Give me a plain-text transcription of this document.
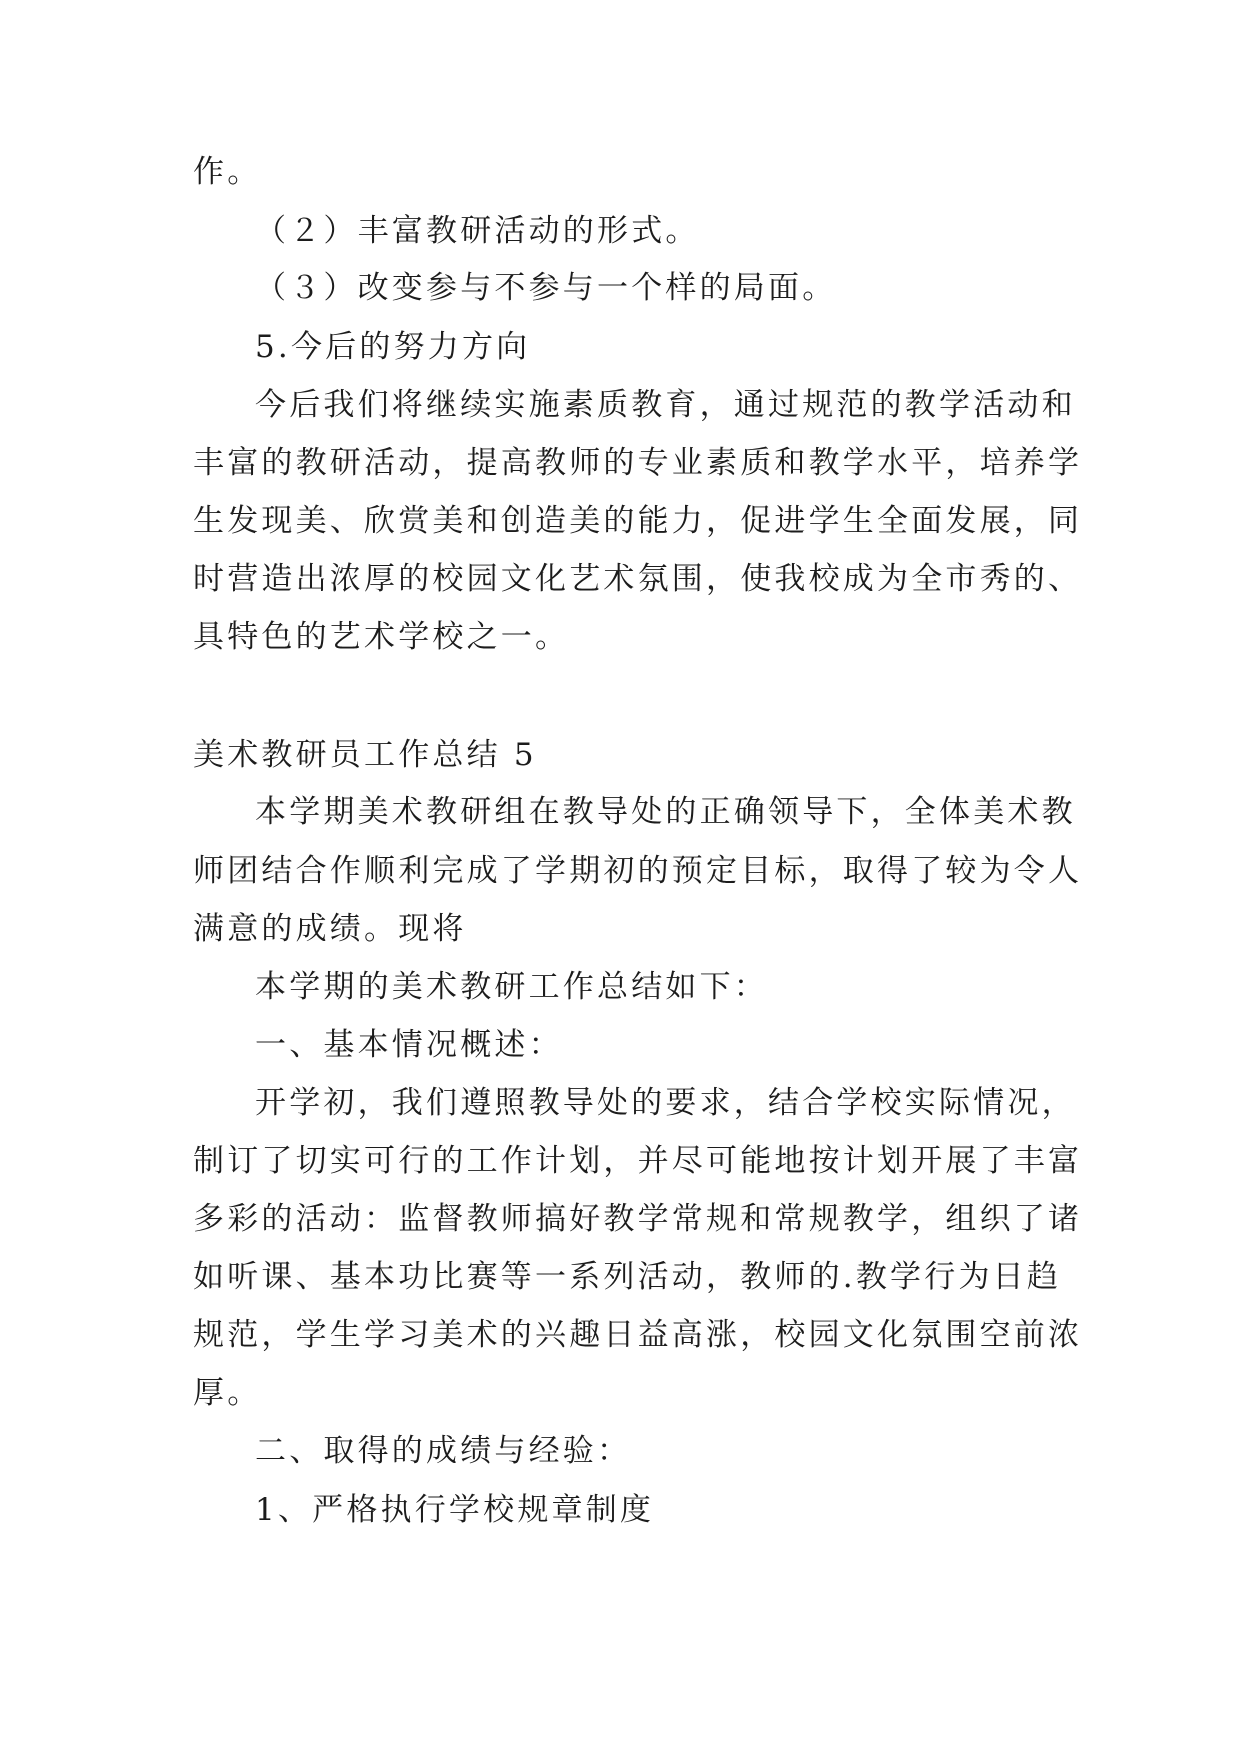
作。
（２）丰富教研活动的形式。
（３）改变参与不参与一个样的局面。
5.今后的努力方向
今后我们将继续实施素质教育，通过规范的教学活动和
丰富的教研活动，提高教师的专业素质和教学水平，培养学
生发现美、欣赏美和创造美的能力，促进学生全面发展，同
时营造出浓厚的校园文化艺术氛围，使我校成为全市秀的、
具特色的艺术学校之一。
美术教研员工作总结 5
本学期美术教研组在教导处的正确领导下，全体美术教
师团结合作顺利完成了学期初的预定目标，取得了较为令人
满意的成绩。现将
本学期的美术教研工作总结如下：
一、基本情况概述：
开学初，我们遵照教导处的要求，结合学校实际情况，
制订了切实可行的工作计划，并尽可能地按计划开展了丰富
多彩的活动：监督教师搞好教学常规和常规教学，组织了诸
如听课、基本功比赛等一系列活动，教师的.教学行为日趋
规范，学生学习美术的兴趣日益高涨，校园文化氛围空前浓
厚。
二、取得的成绩与经验：
1、严格执行学校规章制度
